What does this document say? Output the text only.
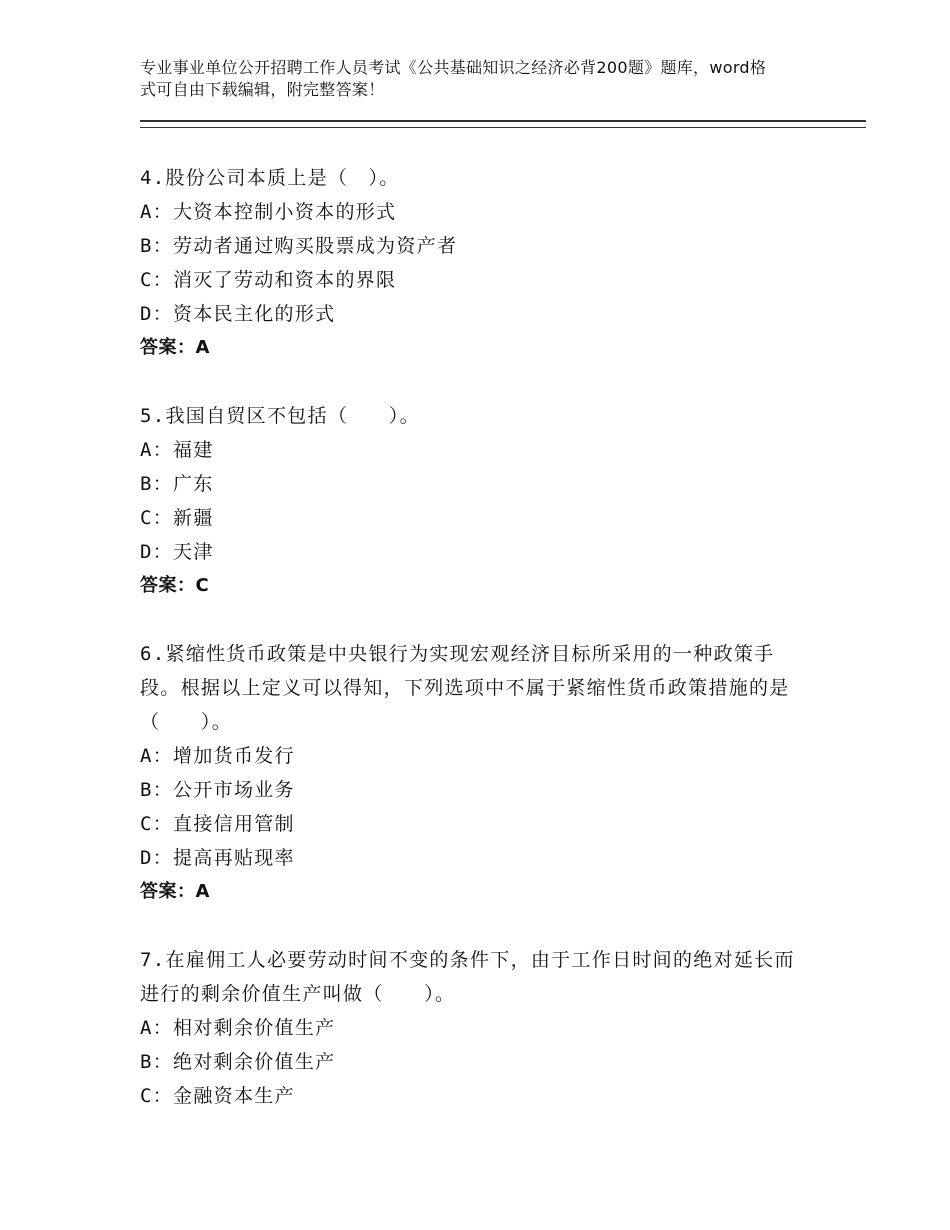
专业事业单位公开招聘工作人员考试《公共基础知识之经济必背200题》题库，word格式可自由下载编辑，附完整答案！

4.股份公司本质上是（　）。

A：大资本控制小资本的形式

B：劳动者通过购买股票成为资产者

C：消灭了劳动和资本的界限

D：资本民主化的形式

答案：A

5.我国自贸区不包括（　　）。

A：福建

B：广东

C：新疆

D：天津

答案：C

6.紧缩性货币政策是中央银行为实现宏观经济目标所采用的一种政策手段。根据以上定义可以得知，下列选项中不属于紧缩性货币政策措施的是（　　）。

A：增加货币发行

B：公开市场业务

C：直接信用管制

D：提高再贴现率

答案：A

7.在雇佣工人必要劳动时间不变的条件下，由于工作日时间的绝对延长而进行的剩余价值生产叫做（　　）。

A：相对剩余价值生产

B：绝对剩余价值生产

C：金融资本生产
